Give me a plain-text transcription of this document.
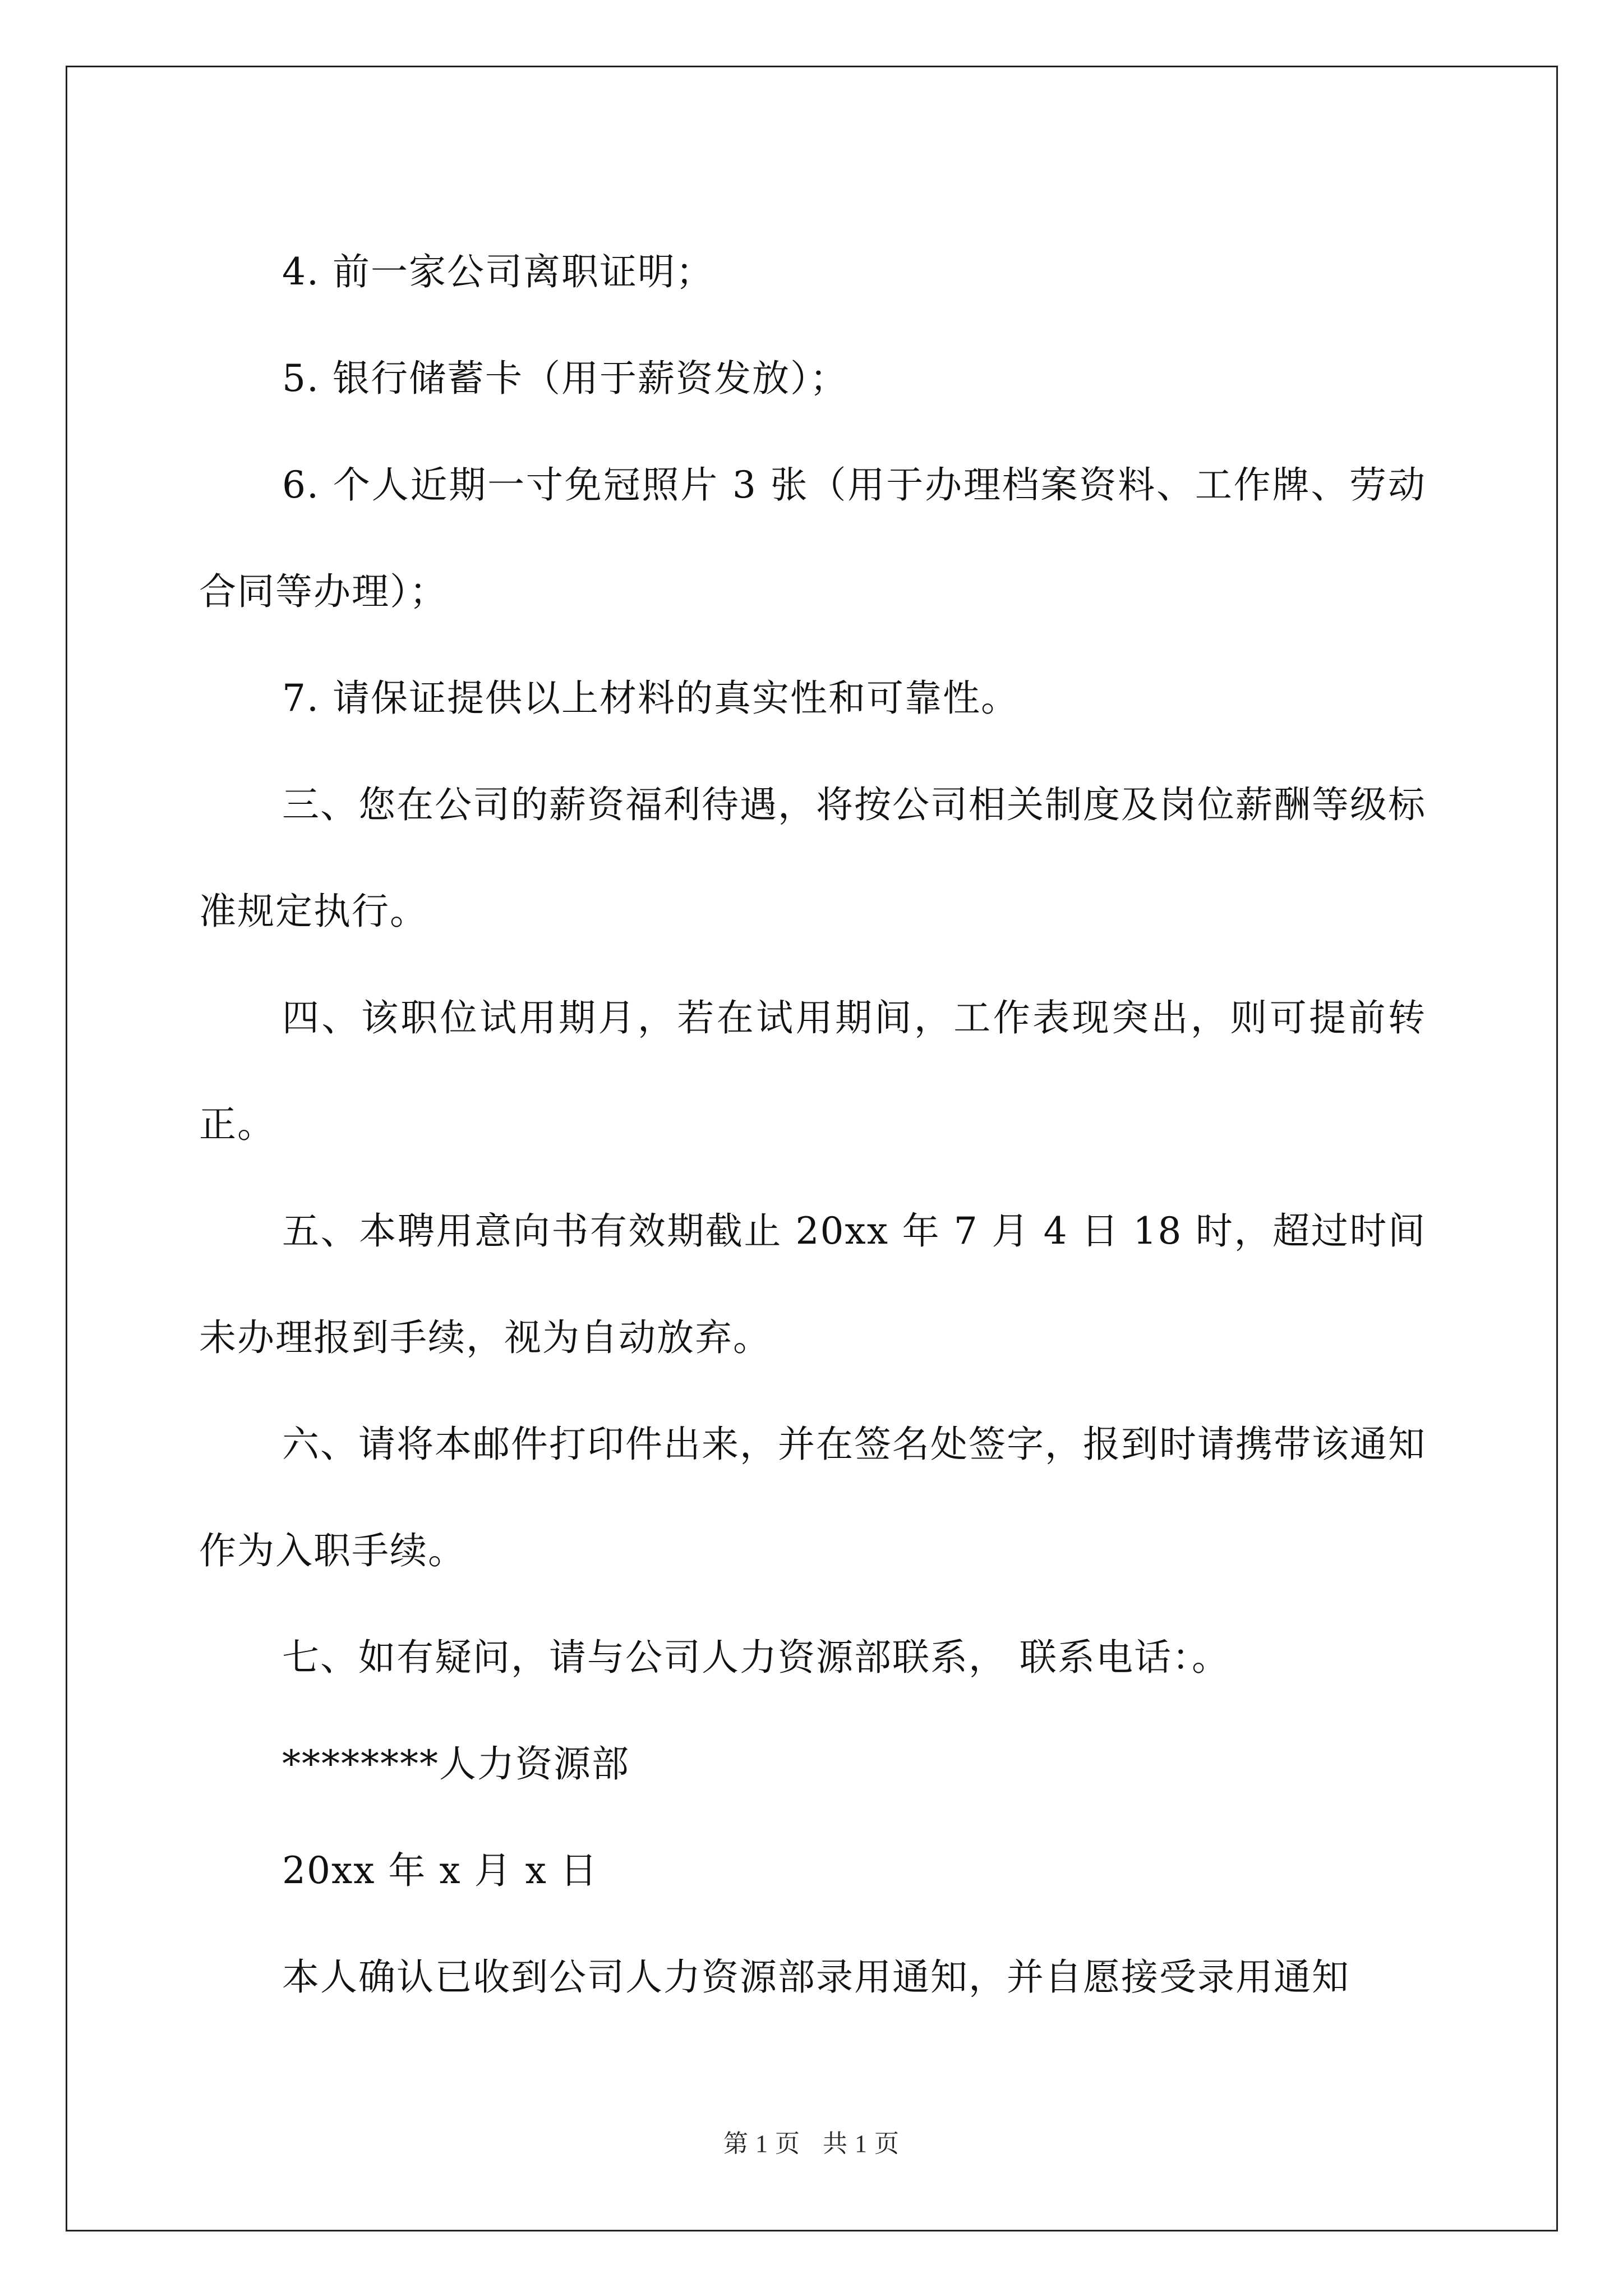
4. 前一家公司离职证明；

5. 银行储蓄卡（用于薪资发放）；

6. 个人近期一寸免冠照片 3 张（用于办理档案资料、工作牌、劳动合同等办理）；

7. 请保证提供以上材料的真实性和可靠性。

三、您在公司的薪资福利待遇，将按公司相关制度及岗位薪酬等级标准规定执行。

四、该职位试用期月，若在试用期间，工作表现突出，则可提前转正。

五、本聘用意向书有效期截止 20xx 年 7 月 4 日 18 时，超过时间未办理报到手续，视为自动放弃。

六、请将本邮件打印件出来，并在签名处签字，报到时请携带该通知作为入职手续。

七、如有疑问，请与公司人力资源部联系， 联系电话：。

********人力资源部

20xx 年 x 月 x 日

本人确认已收到公司人力资源部录用通知，并自愿接受录用通知

第 1 页 共 1 页
